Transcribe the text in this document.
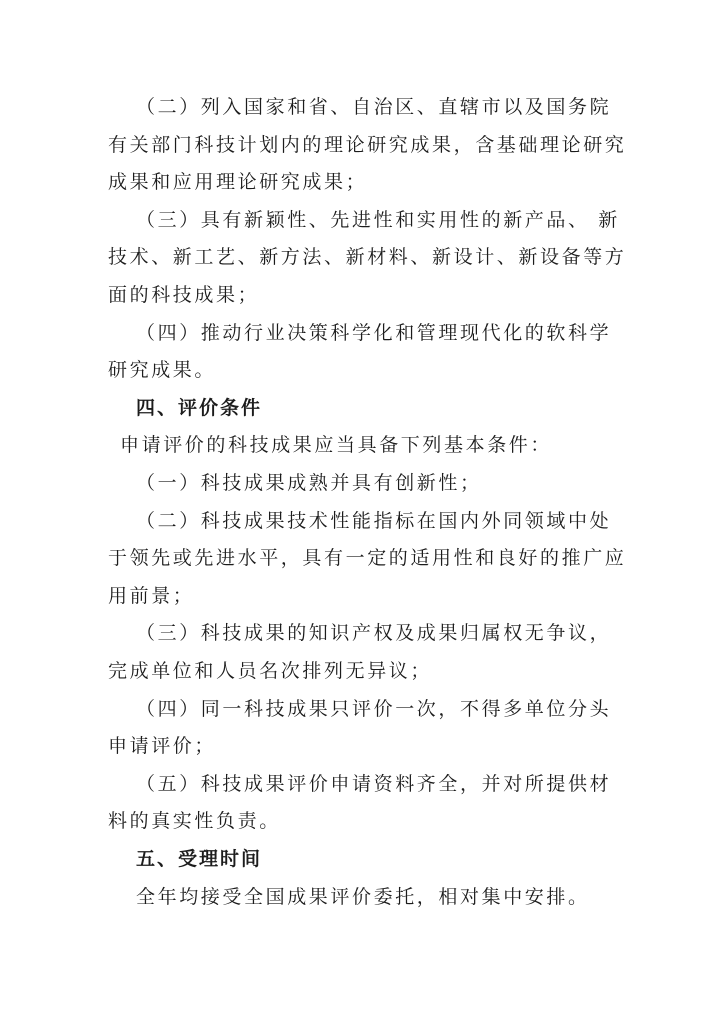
（二）列入国家和省、自治区、直辖市以及国务院
有关部门科技计划内的理论研究成果，含基础理论研究
成果和应用理论研究成果；
（三）具有新颖性、先进性和实用性的新产品、 新
技术、新工艺、新方法、新材料、新设计、新设备等方
面的科技成果；
（四）推动行业决策科学化和管理现代化的软科学
研究成果。
四、评价条件
申请评价的科技成果应当具备下列基本条件：
（一）科技成果成熟并具有创新性；
（二）科技成果技术性能指标在国内外同领域中处
于领先或先进水平，具有一定的适用性和良好的推广应
用前景；
（三）科技成果的知识产权及成果归属权无争议，
完成单位和人员名次排列无异议；
（四）同一科技成果只评价一次，不得多单位分头
申请评价；
（五）科技成果评价申请资料齐全，并对所提供材
料的真实性负责。
五、受理时间
全年均接受全国成果评价委托，相对集中安排。
